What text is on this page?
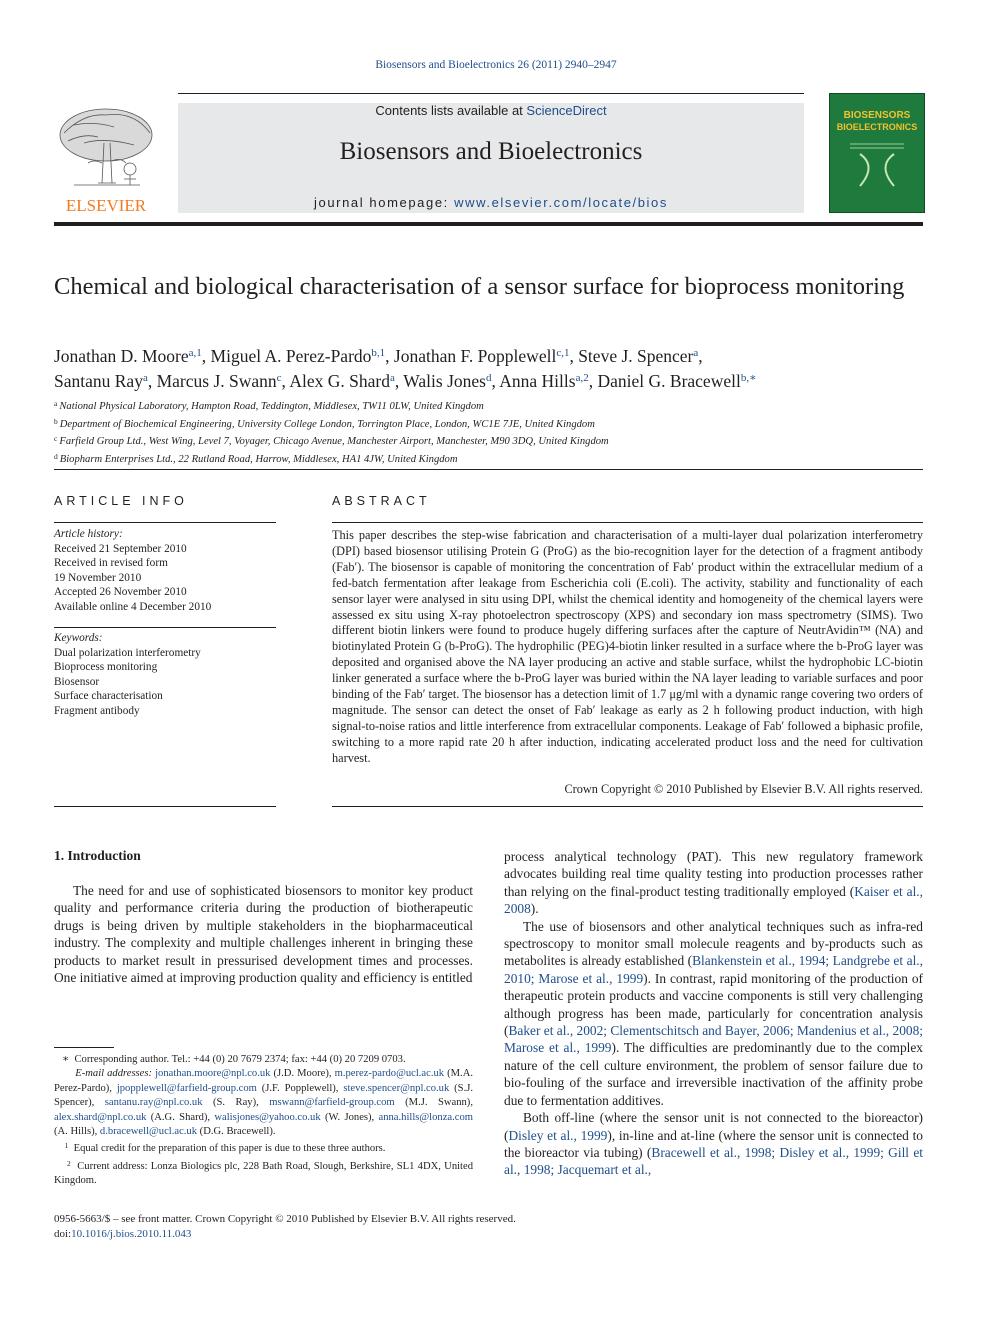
Biosensors and Bioelectronics 26 (2011) 2940–2947
ELSEVIER
Contents lists available at ScienceDirect
Biosensors and Bioelectronics
journal homepage: www.elsevier.com/locate/bios
BIOSENSORS
BIOELECTRONICS
Chemical and biological characterisation of a sensor surface for bioprocess monitoring
Jonathan D. Moore$^{a,1}$, Miguel A. Perez-Pardo$^{b,1}$, Jonathan F. Popplewell$^{c,1}$, Steve J. Spencer$^a$,
Santanu Ray$^a$, Marcus J. Swann$^c$, Alex G. Shard$^a$, Walis Jones$^d$, Anna Hills$^{a,2}$, Daniel G. Bracewell$^{b,∗}$
$^a$ National Physical Laboratory, Hampton Road, Teddington, Middlesex, TW11 0LW, United Kingdom
$^b$ Department of Biochemical Engineering, University College London, Torrington Place, London, WC1E 7JE, United Kingdom
$^c$ Farfield Group Ltd., West Wing, Level 7, Voyager, Chicago Avenue, Manchester Airport, Manchester, M90 3DQ, United Kingdom
$^d$ Biopharm Enterprises Ltd., 22 Rutland Road, Harrow, Middlesex, HA1 4JW, United Kingdom
ARTICLE INFO
Article history:
Received 21 September 2010
Received in revised form
19 November 2010
Accepted 26 November 2010
Available online 4 December 2010
Keywords:
Dual polarization interferometry
Bioprocess monitoring
Biosensor
Surface characterisation
Fragment antibody
ABSTRACT
This paper describes the step-wise fabrication and characterisation of a multi-layer dual polarization interferometry (DPI) based biosensor utilising Protein G (ProG) as the bio-recognition layer for the detection of a fragment antibody (Fab′). The biosensor is capable of monitoring the concentration of Fab′ product within the extracellular medium of a fed-batch fermentation after leakage from Escherichia coli (E.coli). The activity, stability and functionality of each sensor layer were analysed in situ using DPI, whilst the chemical identity and homogeneity of the chemical layers were assessed ex situ using X-ray photoelectron spectroscopy (XPS) and secondary ion mass spectrometry (SIMS). Two different biotin linkers were found to produce hugely differing surfaces after the capture of NeutrAvidin™ (NA) and biotinylated Protein G (b-ProG). The hydrophilic (PEG)4-biotin linker resulted in a surface where the b-ProG layer was deposited and organised above the NA layer producing an active and stable surface, whilst the hydrophobic LC-biotin linker generated a surface where the b-ProG layer was buried within the NA layer leading to variable surfaces and poor binding of the Fab′ target. The biosensor has a detection limit of 1.7 μg/ml with a dynamic range covering two orders of magnitude. The sensor can detect the onset of Fab′ leakage as early as 2 h following product induction, with high signal-to-noise ratios and little interference from extracellular components. Leakage of Fab′ followed a biphasic profile, switching to a more rapid rate 20 h after induction, indicating accelerated product loss and the need for cultivation harvest.
Crown Copyright © 2010 Published by Elsevier B.V. All rights reserved.
1. Introduction

The need for and use of sophisticated biosensors to monitor key product quality and performance criteria during the production of biotherapeutic drugs is being driven by multiple stakeholders in the biopharmaceutical industry. The complexity and multiple challenges inherent in bringing these products to market result in pressurised development times and processes. One initiative aimed at improving production quality and efficiency is entitled

process analytical technology (PAT). This new regulatory framework advocates building real time quality testing into production processes rather than relying on the final-product testing traditionally employed (Kaiser et al., 2008).

The use of biosensors and other analytical techniques such as infra-red spectroscopy to monitor small molecule reagents and by-products such as metabolites is already established (Blankenstein et al., 1994; Landgrebe et al., 2010; Marose et al., 1999). In contrast, rapid monitoring of the production of therapeutic protein products and vaccine components is still very challenging although progress has been made, particularly for concentration analysis (Baker et al., 2002; Clementschitsch and Bayer, 2006; Mandenius et al., 2008; Marose et al., 1999). The difficulties are predominantly due to the complex nature of the cell culture environment, the problem of sensor failure due to bio-fouling of the surface and irreversible inactivation of the affinity probe due to fermentation additives.

Both off-line (where the sensor unit is not connected to the bioreactor) (Disley et al., 1999), in-line and at-line (where the sensor unit is connected to the bioreactor via tubing) (Bracewell et al., 1998; Disley et al., 1999; Gill et al., 1998; Jacquemart et al.,

∗ Corresponding author. Tel.: +44 (0) 20 7679 2374; fax: +44 (0) 20 7209 0703.

E-mail addresses: jonathan.moore@npl.co.uk (J.D. Moore), m.perez-pardo@ucl.ac.uk (M.A. Perez-Pardo), jpopplewell@farfield-group.com (J.F. Popplewell), steve.spencer@npl.co.uk (S.J. Spencer), santanu.ray@npl.co.uk (S. Ray), mswann@farfield-group.com (M.J. Swann), alex.shard@npl.co.uk (A.G. Shard), walisjones@yahoo.co.uk (W. Jones), anna.hills@lonza.com (A. Hills), d.bracewell@ucl.ac.uk (D.G. Bracewell).

$^1$ Equal credit for the preparation of this paper is due to these three authors.

$^2$ Current address: Lonza Biologics plc, 228 Bath Road, Slough, Berkshire, SL1 4DX, United Kingdom.

0956-5663/$ – see front matter. Crown Copyright © 2010 Published by Elsevier B.V. All rights reserved.
doi:10.1016/j.bios.2010.11.043
